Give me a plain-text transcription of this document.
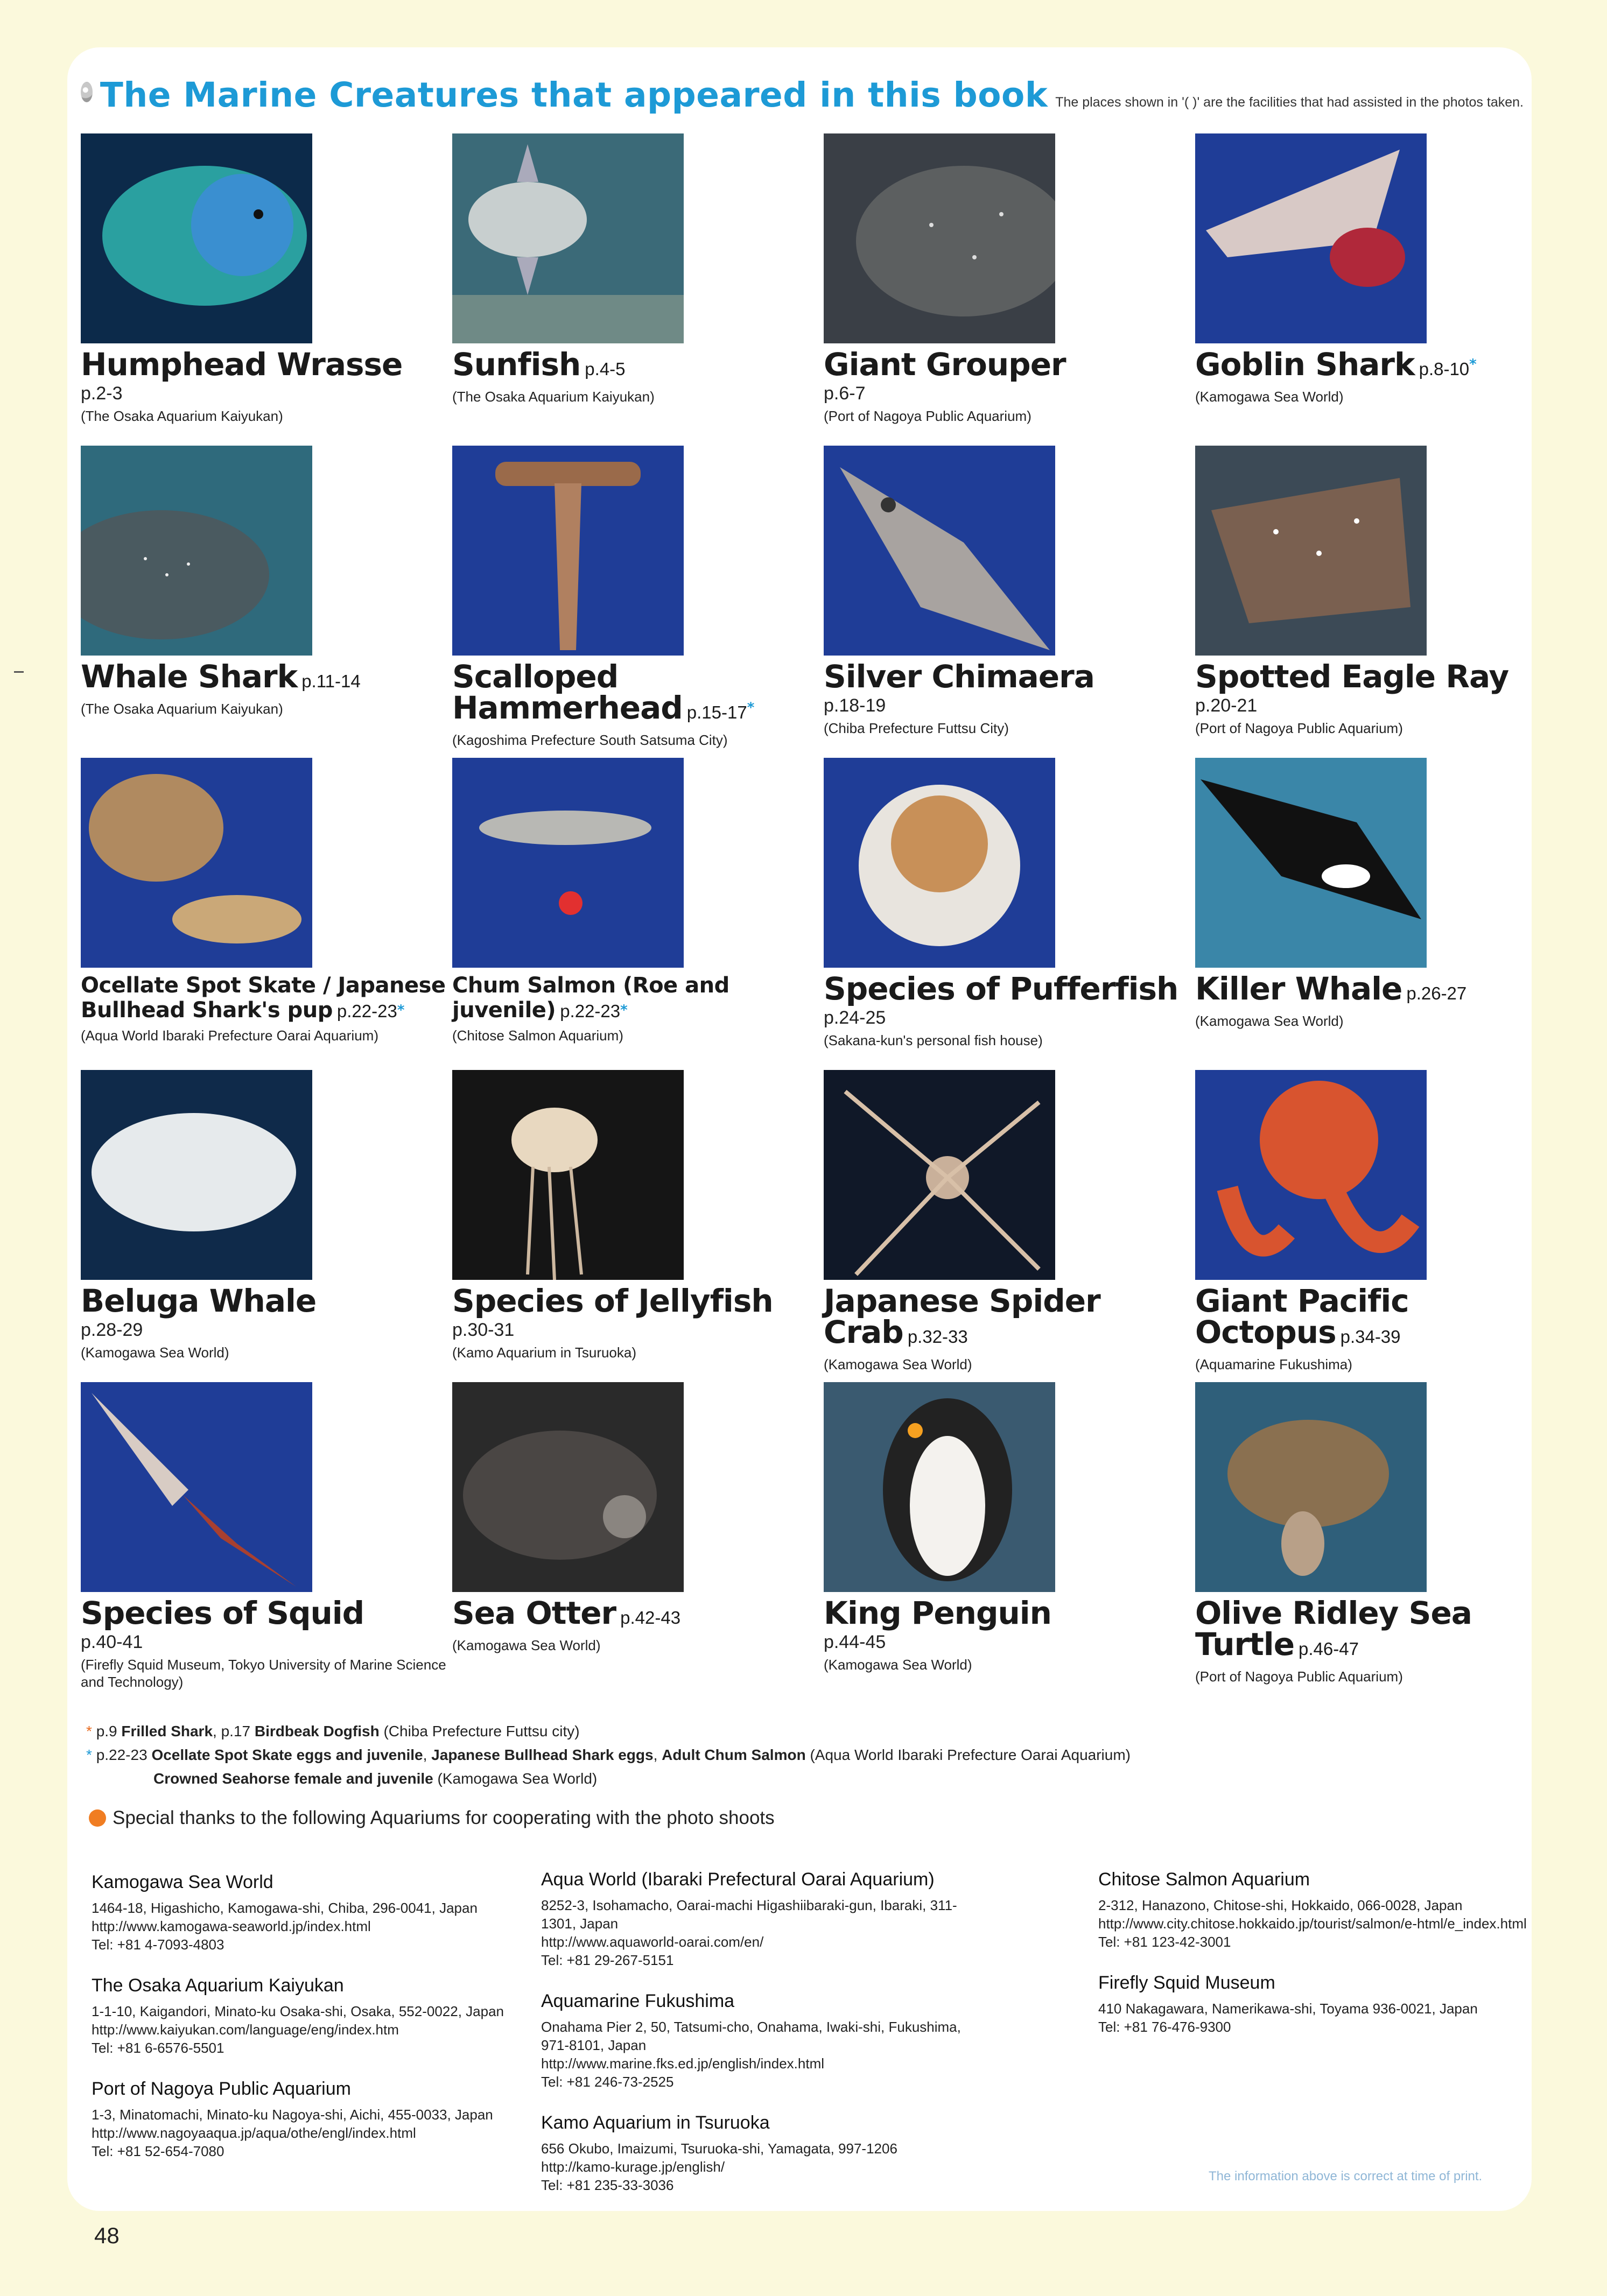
The Marine Creatures that appeared in this book The places shown in '( )' are the facilities that had assisted in the photos taken.
Humphead Wrasse
p.2-3
(The Osaka Aquarium Kaiyukan)
Sunfish p.4-5
(The Osaka Aquarium Kaiyukan)
Giant Grouper
p.6-7
(Port of Nagoya Public Aquarium)
Goblin Shark p.8-10*
(Kamogawa Sea World)
Whale Shark p.11-14
(The Osaka Aquarium Kaiyukan)
Scalloped Hammerhead p.15-17*
(Kagoshima Prefecture South Satsuma City)
Silver Chimaera
p.18-19
(Chiba Prefecture Futtsu City)
Spotted Eagle Ray
p.20-21
(Port of Nagoya Public Aquarium)
Ocellate Spot Skate / Japanese Bullhead Shark's pup p.22-23*
(Aqua World Ibaraki Prefecture Oarai Aquarium)
Chum Salmon (Roe and juvenile) p.22-23*
(Chitose Salmon Aquarium)
Species of Pufferfish
p.24-25
(Sakana-kun's personal fish house)
Killer Whale p.26-27
(Kamogawa Sea World)
Beluga Whale
p.28-29
(Kamogawa Sea World)
Species of Jellyfish
p.30-31
(Kamo Aquarium in Tsuruoka)
Japanese Spider Crab p.32-33
(Kamogawa Sea World)
Giant Pacific Octopus p.34-39
(Aquamarine Fukushima)
Species of Squid
p.40-41
(Firefly Squid Museum, Tokyo University of Marine Science and Technology)
Sea Otter p.42-43
(Kamogawa Sea World)
King Penguin
p.44-45
(Kamogawa Sea World)
Olive Ridley Sea Turtle p.46-47
(Port of Nagoya Public Aquarium)
* p.9 Frilled Shark, p.17 Birdbeak Dogfish (Chiba Prefecture Futtsu city)
* p.22-23 Ocellate Spot Skate eggs and juvenile, Japanese Bullhead Shark eggs, Adult Chum Salmon (Aqua World Ibaraki Prefecture Oarai Aquarium)
Crowned Seahorse female and juvenile (Kamogawa Sea World)
Special thanks to the following Aquariums for cooperating with the photo shoots
Kamogawa Sea World
1464-18, Higashicho, Kamogawa-shi, Chiba, 296-0041, Japan
http://www.kamogawa-seaworld.jp/index.html
Tel: +81 4-7093-4803
The Osaka Aquarium Kaiyukan
1-1-10, Kaigandori, Minato-ku Osaka-shi, Osaka, 552-0022, Japan
http://www.kaiyukan.com/language/eng/index.htm
Tel: +81 6-6576-5501
Port of Nagoya Public Aquarium
1-3, Minatomachi, Minato-ku Nagoya-shi, Aichi, 455-0033, Japan
http://www.nagoyaaqua.jp/aqua/othe/engl/index.html
Tel: +81 52-654-7080
Aqua World (Ibaraki Prefectural Oarai Aquarium)
8252-3, Isohamacho, Oarai-machi Higashiibaraki-gun, Ibaraki, 311-1301, Japan
http://www.aquaworld-oarai.com/en/
Tel: +81 29-267-5151
Aquamarine Fukushima
Onahama Pier 2, 50, Tatsumi-cho, Onahama, Iwaki-shi, Fukushima, 971-8101, Japan
http://www.marine.fks.ed.jp/english/index.html
Tel: +81 246-73-2525
Kamo Aquarium in Tsuruoka
656 Okubo, Imaizumi, Tsuruoka-shi, Yamagata, 997-1206
http://kamo-kurage.jp/english/
Tel: +81 235-33-3036
Chitose Salmon Aquarium
2-312, Hanazono, Chitose-shi, Hokkaido, 066-0028, Japan
http://www.city.chitose.hokkaido.jp/tourist/salmon/e-html/e_index.html
Tel: +81 123-42-3001
Firefly Squid Museum
410 Nakagawara, Namerikawa-shi, Toyama 936-0021, Japan
Tel: +81 76-476-9300
The information above is correct at time of print.
48
